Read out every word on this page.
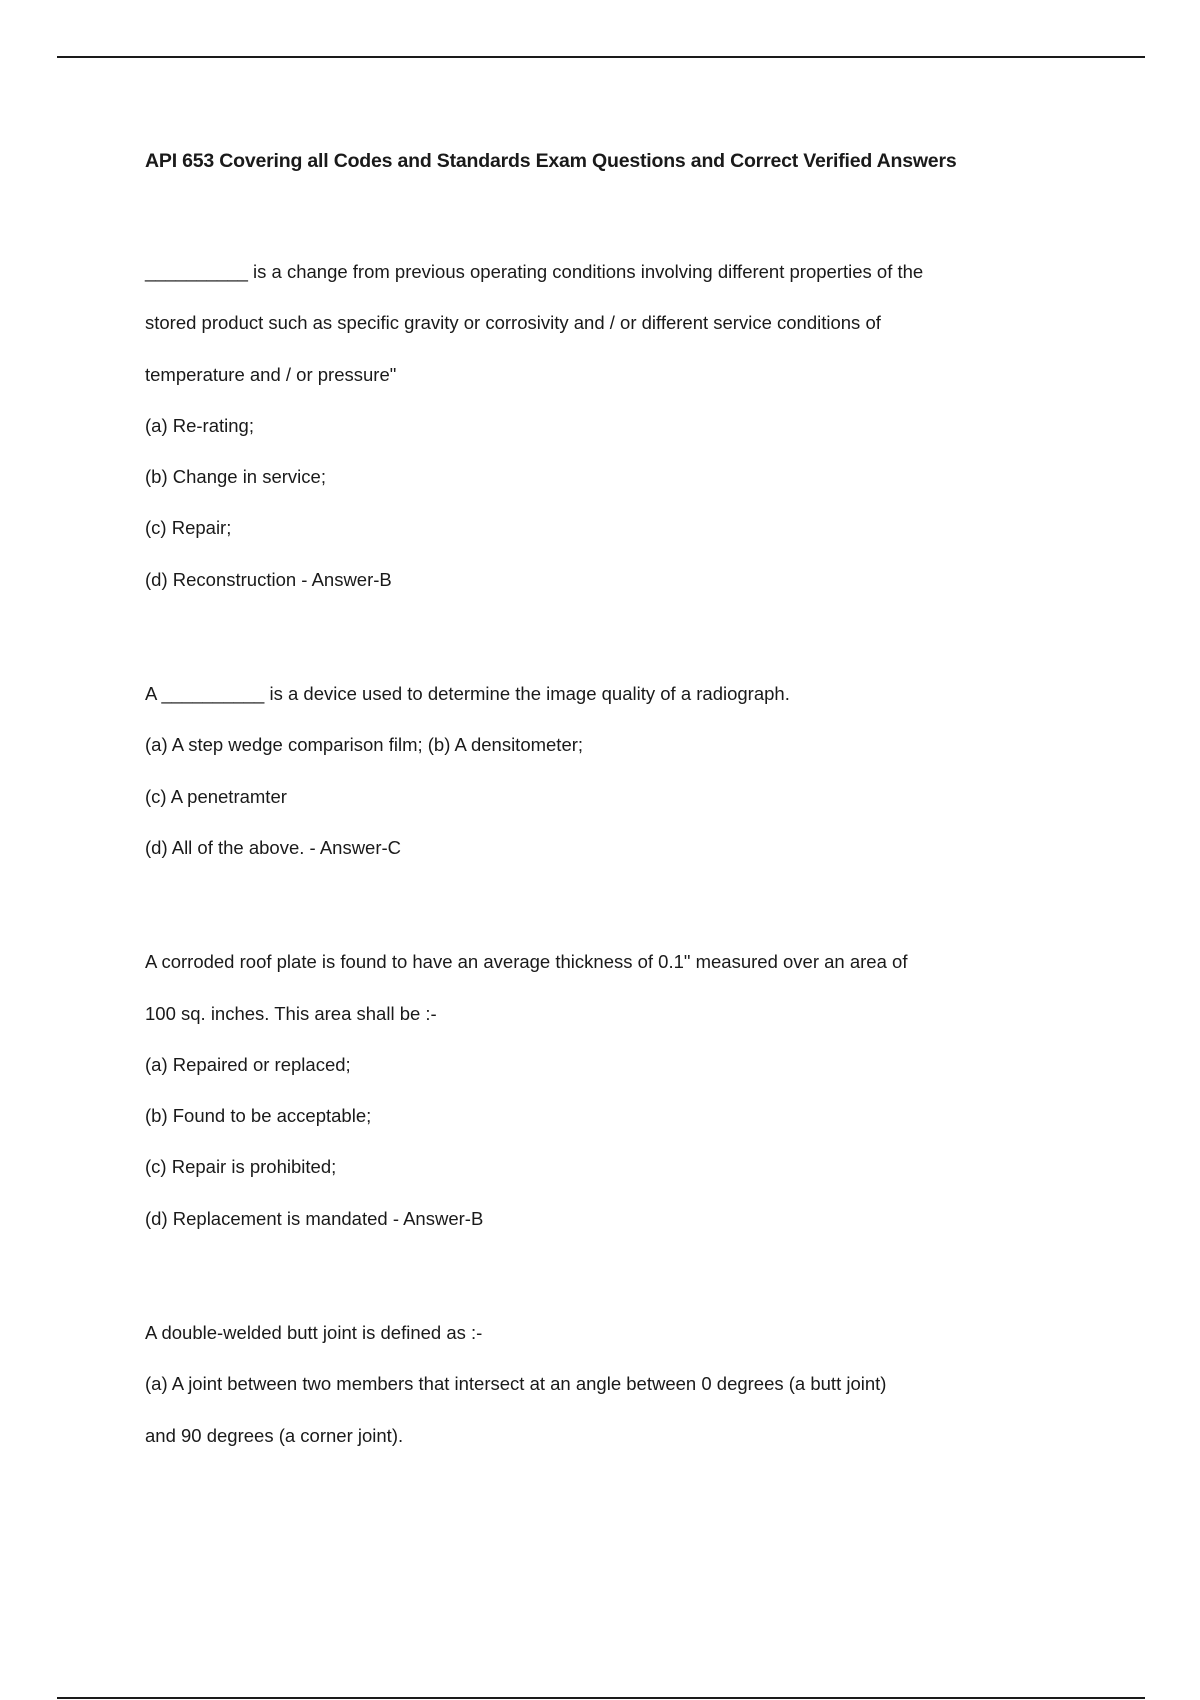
API 653 Covering all Codes and Standards Exam Questions and Correct Verified Answers
__________ is a change from previous operating conditions involving different properties of the
stored product such as specific gravity or corrosivity and / or different service conditions of
temperature and / or pressure"
(a) Re-rating;
(b) Change in service;
(c) Repair;
(d) Reconstruction - Answer-B
A __________ is a device used to determine the image quality of a radiograph.
(a) A step wedge comparison film; (b) A densitometer;
(c) A penetramter
(d) All of the above. - Answer-C
A corroded roof plate is found to have an average thickness of 0.1" measured over an area of
100 sq. inches. This area shall be :-
(a) Repaired or replaced;
(b) Found to be acceptable;
(c) Repair is prohibited;
(d) Replacement is mandated - Answer-B
A double-welded butt joint is defined as :-
(a) A joint between two members that intersect at an angle between 0 degrees (a butt joint)
and 90 degrees (a corner joint).
